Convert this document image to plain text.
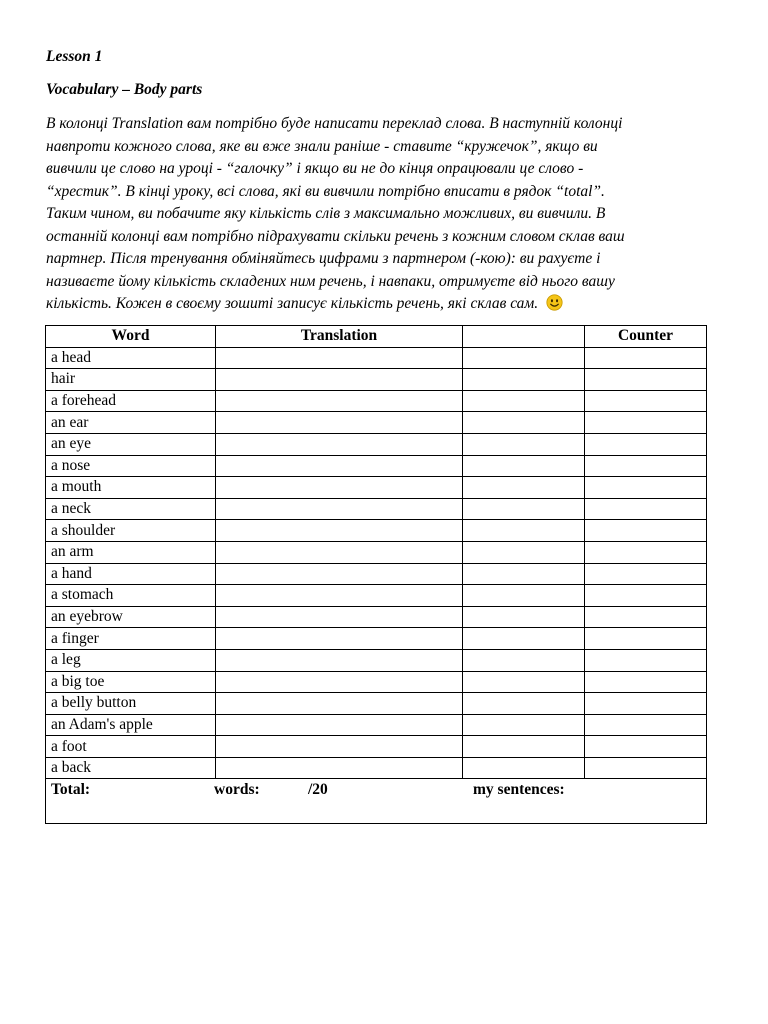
Lesson 1
Vocabulary – Body parts
В колонці Translation вам потрібно буде написати переклад слова. В наступній колонці
навпроти кожного слова, яке ви вже знали раніше - ставите “кружечок”, якщо ви
вивчили це слово на уроці - “галочку” і якщо ви не до кінця опрацювали це слово -
“хрестик”. В кінці уроку, всі слова, які ви вивчили потрібно вписати в рядок “total”.
Таким чином, ви побачите яку кількість слів з максимально можливих, ви вивчили. В
останній колонці вам потрібно підрахувати скільки речень з кожним словом склав ваш
партнер. Після тренування обміняйтесь цифрами з партнером (-кою): ви рахуєте і
називаєте йому кількість складених ним речень, і навпаки, отримуєте від нього вашу
кількість. Кожен в своєму зошиті записує кількість речень, які склав сам.
Word	Translation		Counter
a head			
hair			
a forehead			
an ear			
an eye			
a nose			
a mouth			
a neck			
a shoulder			
an arm			
a hand			
a stomach			
an eyebrow			
a finger			
a leg			
a big toe			
a belly button			
an Adam's apple			
a foot			
a back			

Total: words: /20 my sentences:			
